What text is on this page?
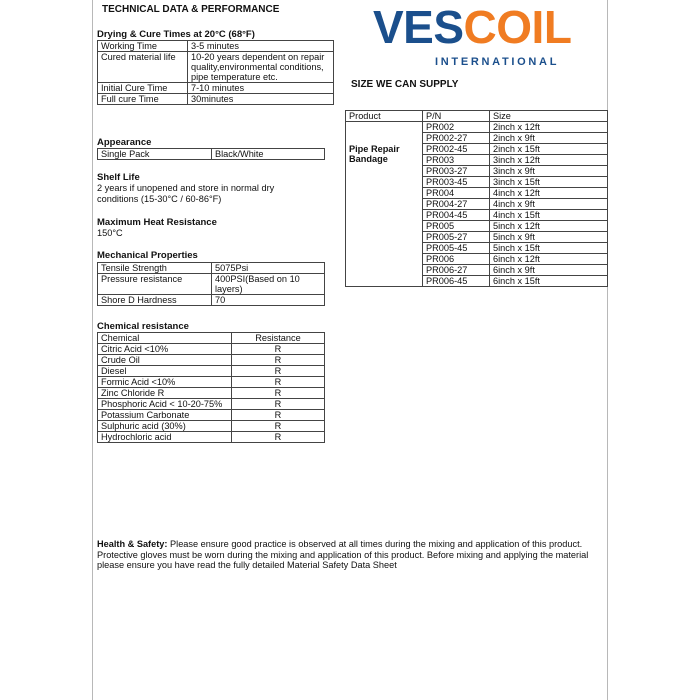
TECHNICAL DATA & PERFORMANCE VESCOIL
INTERNATIONAL
Drying & Cure Times at 20°C (68°F)
Working Time	3-5 minutes
Cured material life	10-20 years dependent on repair quality,environmental conditions, pipe temperature etc.
Initial Cure Time	7-10 minutes
Full cure Time	30minutes
Appearance
Single Pack	Black/White
Shelf Life
2 years if unopened and store in normal dry conditions (15-30°C / 60-86°F)
Maximum Heat Resistance
150°C
Mechanical Properties
Tensile Strength	5075Psi
Pressure resistance	400PSI(Based on 10 layers)
Shore D Hardness	70
Chemical resistance
Chemical	Resistance
Citric Acid <10%	R
Crude Oil	R
Diesel	R
Formic Acid <10%	R
Zinc Chloride R	R
Phosphoric Acid < 10-20-75%	R
Potassium Carbonate	R
Sulphuric acid (30%)	R
Hydrochloric acid	R
SIZE WE CAN SUPPLY
Product	P/N	Size
Pipe Repair Bandage	PR002	2inch x 12ft
	PR002-27	2inch x 9ft
	PR002-45	2inch x 15ft
	PR003	3inch x 12ft
	PR003-27	3inch x 9ft
	PR003-45	3inch x 15ft
	PR004	4inch x 12ft
	PR004-27	4inch x 9ft
	PR004-45	4inch x 15ft
	PR005	5inch x 12ft
	PR005-27	5inch x 9ft
	PR005-45	5inch x 15ft
	PR006	6inch x 12ft
	PR006-27	6inch x 9ft
	PR006-45	6inch x 15ft
Health & Safety: Please ensure good practice is observed at all times during the mixing and application of this product. Protective gloves must be worn during the mixing and application of this product. Before mixing and applying the material please ensure you have read the fully detailed Material Safety Data Sheet
